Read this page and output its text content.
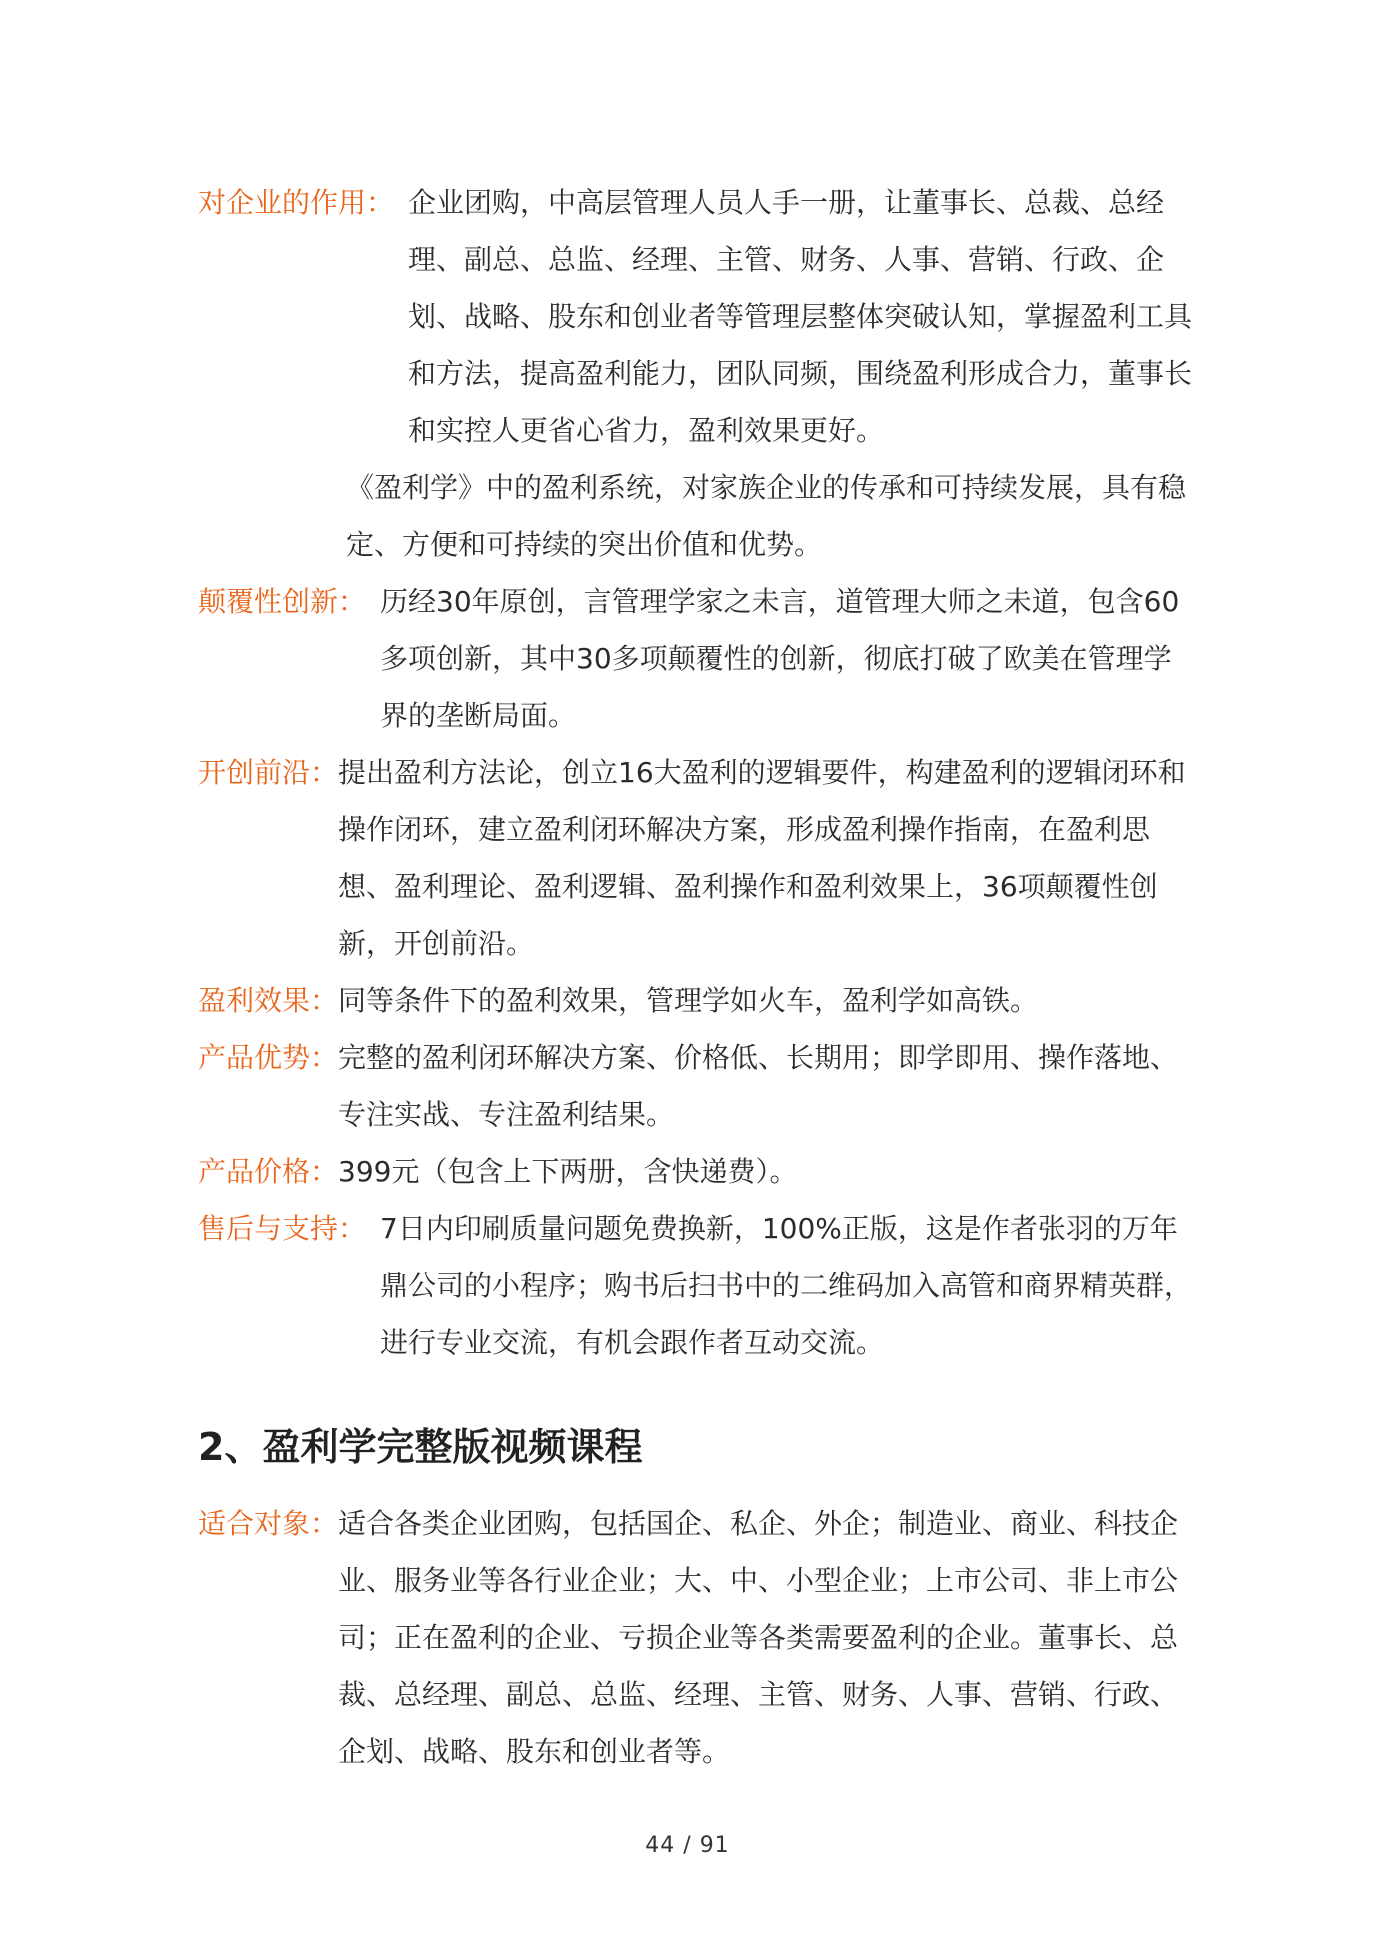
对企业的作用： 企业团购，中高层管理人员人手一册，让董事长、总裁、总经理、副总、总监、经理、主管、财务、人事、营销、行政、企划、战略、股东和创业者等管理层整体突破认知，掌握盈利工具和方法，提高盈利能力，团队同频，围绕盈利形成合力，董事长和实控人更省心省力，盈利效果更好。

《盈利学》中的盈利系统，对家族企业的传承和可持续发展，具有稳定、方便和可持续的突出价值和优势。

颠覆性创新： 历经30年原创，言管理学家之未言，道管理大师之未道，包含60多项创新，其中30多项颠覆性的创新，彻底打破了欧美在管理学界的垄断局面。

开创前沿： 提出盈利方法论，创立16大盈利的逻辑要件，构建盈利的逻辑闭环和操作闭环，建立盈利闭环解决方案，形成盈利操作指南，在盈利思想、盈利理论、盈利逻辑、盈利操作和盈利效果上，36项颠覆性创新，开创前沿。

盈利效果： 同等条件下的盈利效果，管理学如火车，盈利学如高铁。

产品优势： 完整的盈利闭环解决方案、价格低、长期用；即学即用、操作落地、专注实战、专注盈利结果。

产品价格： 399元（包含上下两册，含快递费）。

售后与支持： 7日内印刷质量问题免费换新，100%正版，这是作者张羽的万年鼎公司的小程序；购书后扫书中的二维码加入高管和商界精英群，进行专业交流，有机会跟作者互动交流。

2、盈利学完整版视频课程
适合对象： 适合各类企业团购，包括国企、私企、外企；制造业、商业、科技企业、服务业等各行业企业；大、中、小型企业；上市公司、非上市公司；正在盈利的企业、亏损企业等各类需要盈利的企业。董事长、总裁、总经理、副总、总监、经理、主管、财务、人事、营销、行政、企划、战略、股东和创业者等。

44 / 91
